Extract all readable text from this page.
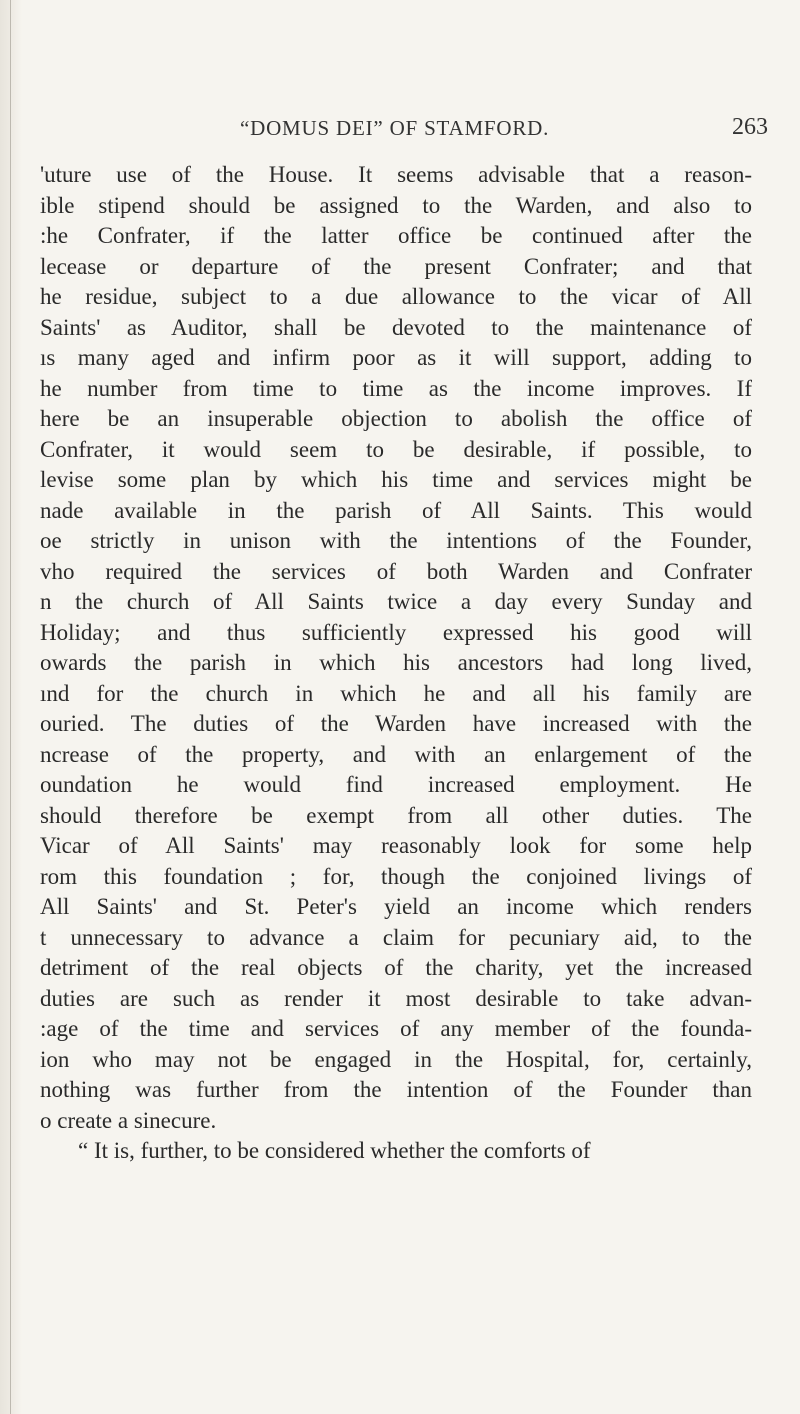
“DOMUS DEI” OF STAMFORD.	263
'uture use of the House. It seems advisable that a reason-
ible stipend should be assigned to the Warden, and also to
:he Confrater, if the latter office be continued after the
lecease or departure of the present Confrater; and that
he residue, subject to a due allowance to the vicar of All
Saints' as Auditor, shall be devoted to the maintenance of
ıs many aged and infirm poor as it will support, adding to
he number from time to time as the income improves. If
here be an insuperable objection to abolish the office of
Confrater, it would seem to be desirable, if possible, to
levise some plan by which his time and services might be
nade available in the parish of All Saints. This would
oe strictly in unison with the intentions of the Founder,
vho required the services of both Warden and Confrater
n the church of All Saints twice a day every Sunday and
Holiday; and thus sufficiently expressed his good will
owards the parish in which his ancestors had long lived,
ınd for the church in which he and all his family are
ouried. The duties of the Warden have increased with the
ncrease of the property, and with an enlargement of the
oundation he would find increased employment. He
should therefore be exempt from all other duties. The
Vicar of All Saints' may reasonably look for some help
rom this foundation ; for, though the conjoined livings of
All Saints' and St. Peter's yield an income which renders
t unnecessary to advance a claim for pecuniary aid, to the
detriment of the real objects of the charity, yet the increased
duties are such as render it most desirable to take advan-
:age of the time and services of any member of the founda-
ion who may not be engaged in the Hospital, for, certainly,
nothing was further from the intention of the Founder than
o create a sinecure.
“ It is, further, to be considered whether the comforts of
